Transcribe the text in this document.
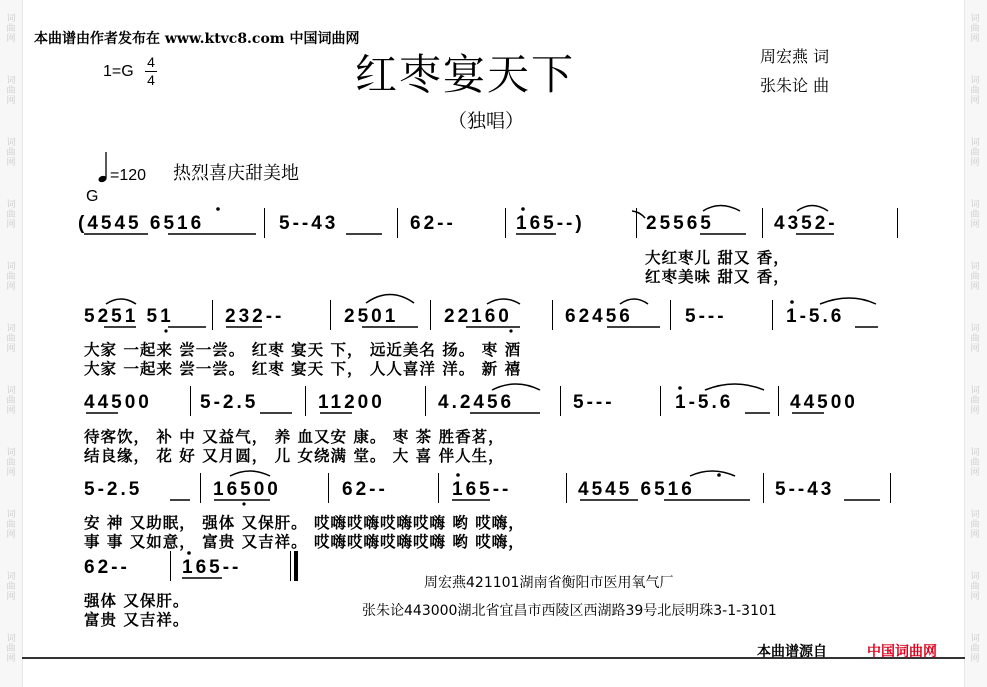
词
曲
网
词
曲
网
词
曲
网
词
曲
网
词
曲
网
词
曲
网
词
曲
网
词
曲
网
词
曲
网
词
曲
网
词
曲
网
词
曲
网
词
曲
网
词
曲
网
词
曲
网
词
曲
网
词
曲
网
词
曲
网
词
曲
网
词
曲
网
词
曲
网
词
曲
网
本曲谱由作者发布在 www.ktvc8.com 中国词曲网
1=G
4
4	红枣宴天下
（独唱）
周宏燕 词
张朱论 曲
=120 热烈喜庆甜美地
G
(4545 6516	5--43	62--	165--)	25565	4352-
大红枣儿 甜又 香，
红枣美味 甜又 香，
5251 51	232--	2501 22160	62456	5---	1-5.6
大家 一起来 尝一尝。 红枣 宴天 下， 远近美名 扬。 枣 酒
大家 一起来 尝一尝。 红枣 宴天 下， 人人喜洋 洋。 新 禧
44500	5-2.5	11200	4.2456	5---	1-5.6	44500
待客饮， 补 中 又益气， 养 血又安 康。 枣 茶 胜香茗，
结良缘， 花 好 又月圆， 儿 女绕满 堂。 大 喜 伴人生，
5-2.5	16500	62--	165--	4545 6516	5--43
安 神 又助眠， 强体 又保肝。 哎嗨哎嗨哎嗨哎嗨 哟 哎嗨，
事 事 又如意， 富贵 又吉祥。 哎嗨哎嗨哎嗨哎嗨 哟 哎嗨，
62--	165--
强体 又保肝。
富贵 又吉祥。
周宏燕421101湖南省衡阳市医用氧气厂
张朱论443000湖北省宜昌市西陵区西湖路39号北辰明珠3-1-3101
本曲谱源自	中国词曲网
